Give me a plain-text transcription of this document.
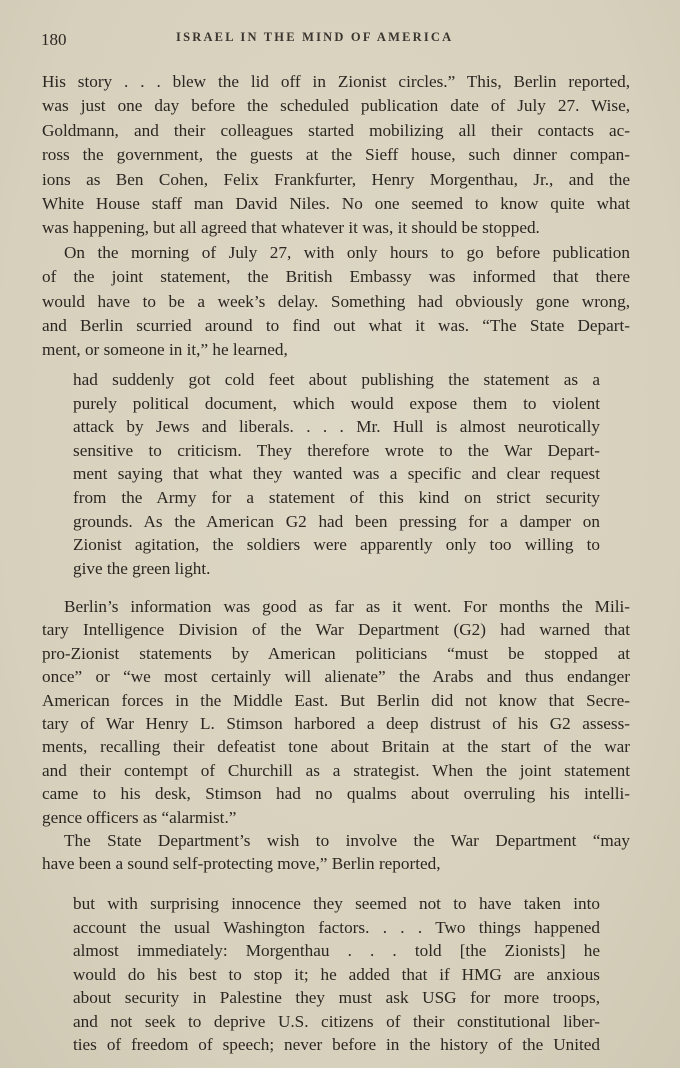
180	ISRAEL IN THE MIND OF AMERICA
His story . . . blew the lid off in Zionist circles.” This, Berlin reported,
was just one day before the scheduled publication date of July 27. Wise,
Goldmann, and their colleagues started mobilizing all their contacts ac-
ross the government, the guests at the Sieff house, such dinner compan-
ions as Ben Cohen, Felix Frankfurter, Henry Morgenthau, Jr., and the
White House staff man David Niles. No one seemed to know quite what
was happening, but all agreed that whatever it was, it should be stopped.
On the morning of July 27, with only hours to go before publication
of the joint statement, the British Embassy was informed that there
would have to be a week’s delay. Something had obviously gone wrong,
and Berlin scurried around to find out what it was. “The State Depart-
ment, or someone in it,” he learned,
had suddenly got cold feet about publishing the statement as a
purely political document, which would expose them to violent
attack by Jews and liberals. . . . Mr. Hull is almost neurotically
sensitive to criticism. They therefore wrote to the War Depart-
ment saying that what they wanted was a specific and clear request
from the Army for a statement of this kind on strict security
grounds. As the American G2 had been pressing for a damper on
Zionist agitation, the soldiers were apparently only too willing to
give the green light.
Berlin’s information was good as far as it went. For months the Mili-
tary Intelligence Division of the War Department (G2) had warned that
pro-Zionist statements by American politicians “must be stopped at
once” or “we most certainly will alienate” the Arabs and thus endanger
American forces in the Middle East. But Berlin did not know that Secre-
tary of War Henry L. Stimson harbored a deep distrust of his G2 assess-
ments, recalling their defeatist tone about Britain at the start of the war
and their contempt of Churchill as a strategist. When the joint statement
came to his desk, Stimson had no qualms about overruling his intelli-
gence officers as “alarmist.”
The State Department’s wish to involve the War Department “may
have been a sound self-protecting move,” Berlin reported,
but with surprising innocence they seemed not to have taken into
account the usual Washington factors. . . . Two things happened
almost immediately: Morgenthau . . . told [the Zionists] he
would do his best to stop it; he added that if HMG are anxious
about security in Palestine they must ask USG for more troops,
and not seek to deprive U.S. citizens of their constitutional liber-
ties of freedom of speech; never before in the history of the United
